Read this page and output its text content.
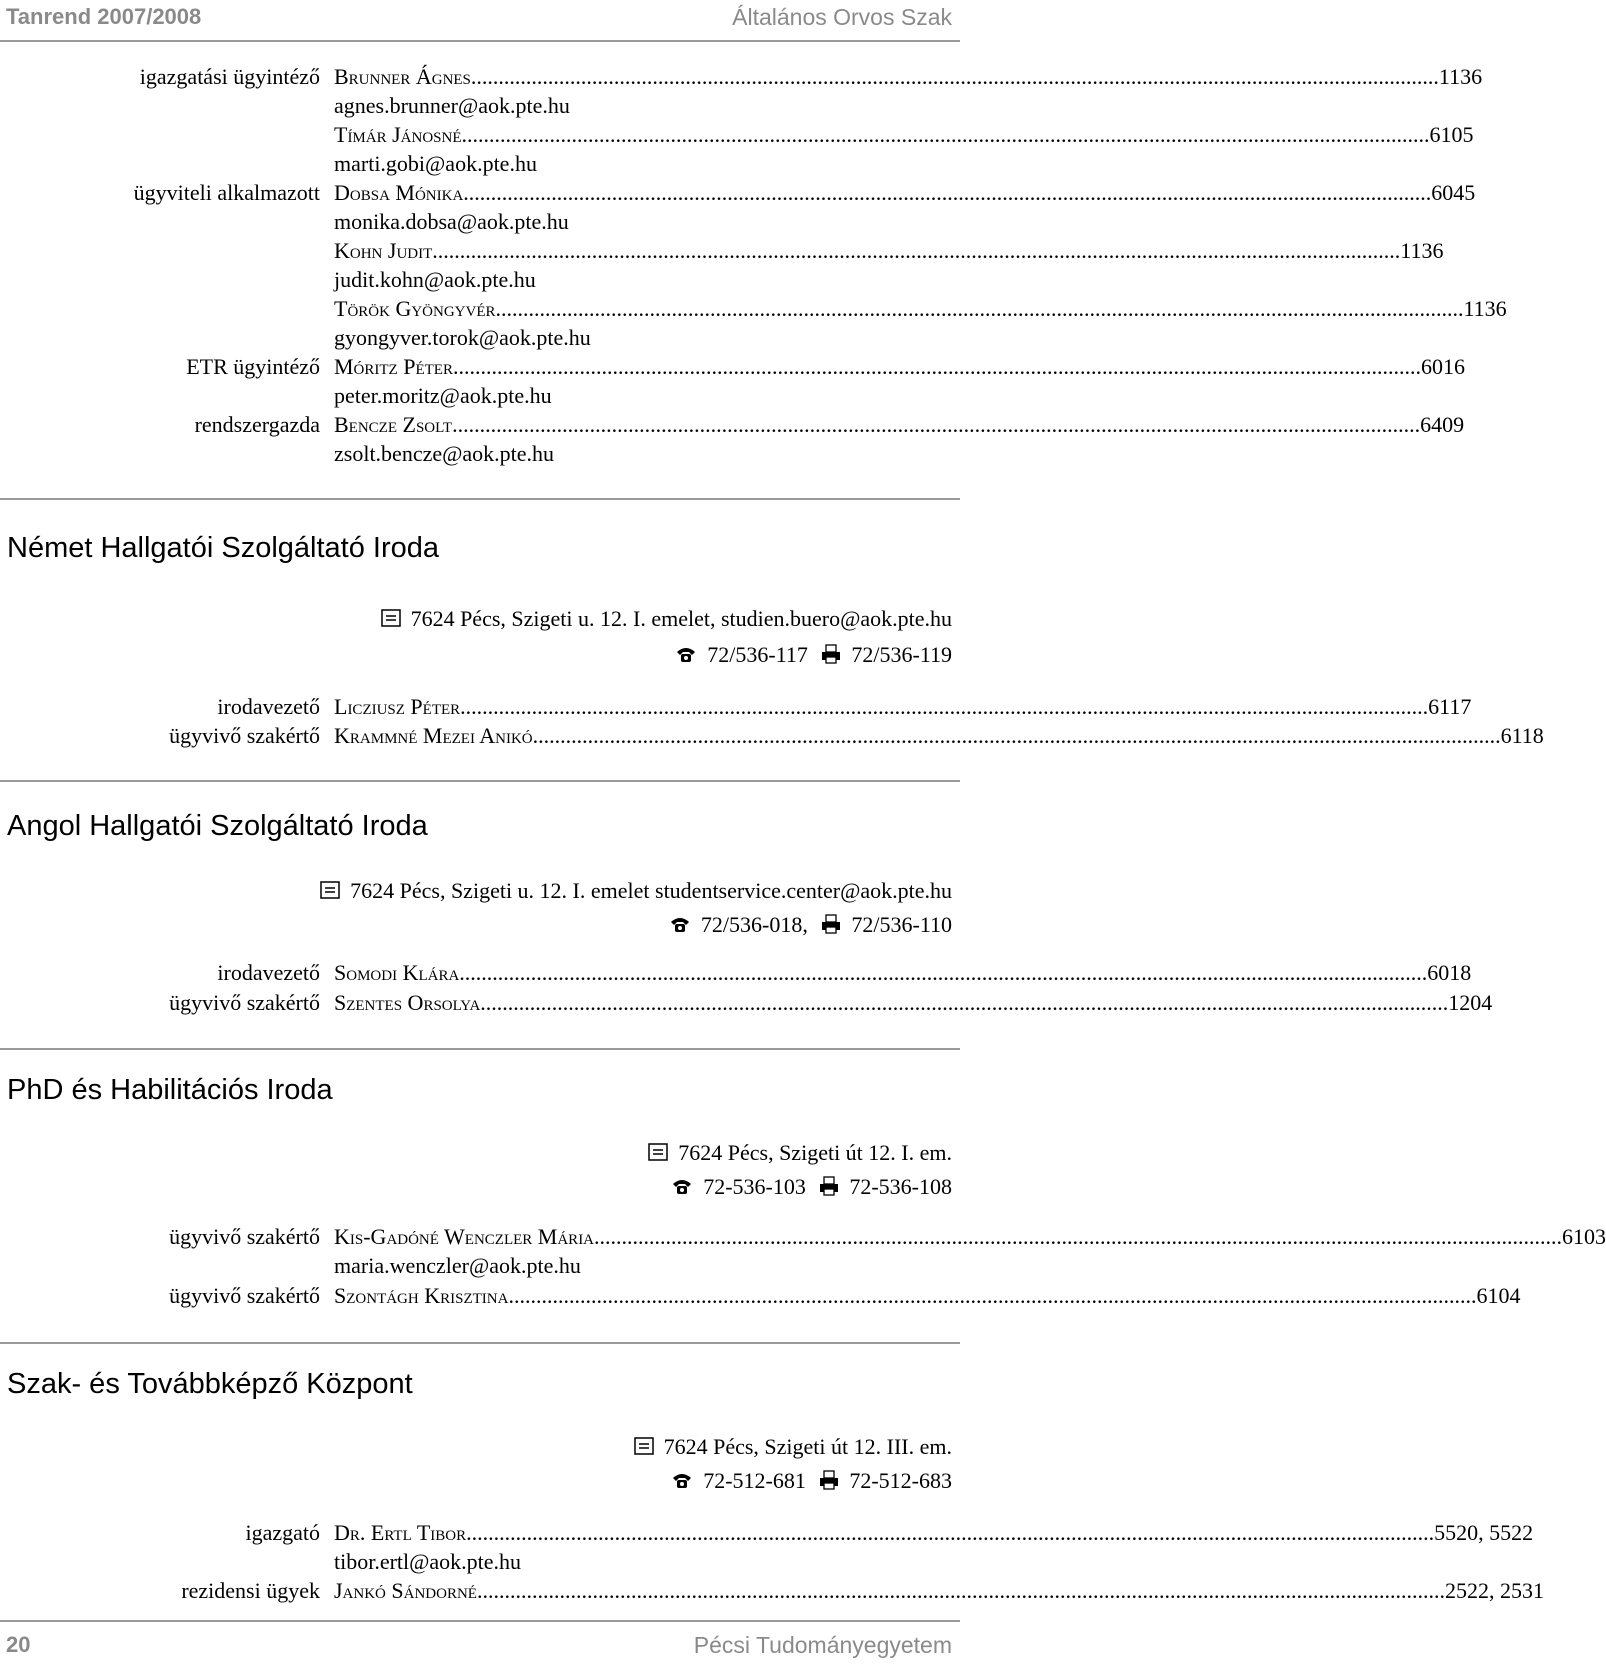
Tanrend 2007/2008	Általános Orvos Szak
igazgatási ügyintéző Brunner Ágnes ................................................................................................................................................................................ 1136
agnes.brunner@aok.pte.hu
Tímár Jánosné ................................................................................................................................................................................ 6105
marti.gobi@aok.pte.hu
ügyviteli alkalmazott Dobsa Mónika ................................................................................................................................................................................ 6045
monika.dobsa@aok.pte.hu
Kohn Judit ................................................................................................................................................................................ 1136
judit.kohn@aok.pte.hu
Török Gyöngyvér ................................................................................................................................................................................ 1136
gyongyver.torok@aok.pte.hu
ETR ügyintéző Móritz Péter ................................................................................................................................................................................ 6016
peter.moritz@aok.pte.hu
rendszergazda Bencze Zsolt ................................................................................................................................................................................ 6409
zsolt.bencze@aok.pte.hu
Német Hallgatói Szolgáltató Iroda
7624 Pécs, Szigeti u. 12. I. emelet, studien.buero@aok.pte.hu
72/536-117 72/536-119
irodavezető Licziusz Péter ................................................................................................................................................................................ 6117
ügyvivő szakértő Krammné Mezei Anikó ................................................................................................................................................................................ 6118
Angol Hallgatói Szolgáltató Iroda
7624 Pécs, Szigeti u. 12. I. emelet studentservice.center@aok.pte.hu
72/536-018, 72/536-110
irodavezető Somodi Klára ................................................................................................................................................................................ 6018
ügyvivő szakértő Szentes Orsolya ................................................................................................................................................................................ 1204
PhD és Habilitációs Iroda
7624 Pécs, Szigeti út 12. I. em.
72-536-103 72-536-108
ügyvivő szakértő Kis-Gadóné Wenczler Mária ................................................................................................................................................................................ 6103
maria.wenczler@aok.pte.hu
ügyvivő szakértő Szontágh Krisztina ................................................................................................................................................................................ 6104
Szak- és Továbbképző Központ
7624 Pécs, Szigeti út 12. III. em.
72-512-681 72-512-683
igazgató Dr. Ertl Tibor ................................................................................................................................................................................ 5520, 5522
tibor.ertl@aok.pte.hu
rezidensi ügyek Jankó Sándorné ................................................................................................................................................................................ 2522, 2531
20	Pécsi Tudományegyetem
